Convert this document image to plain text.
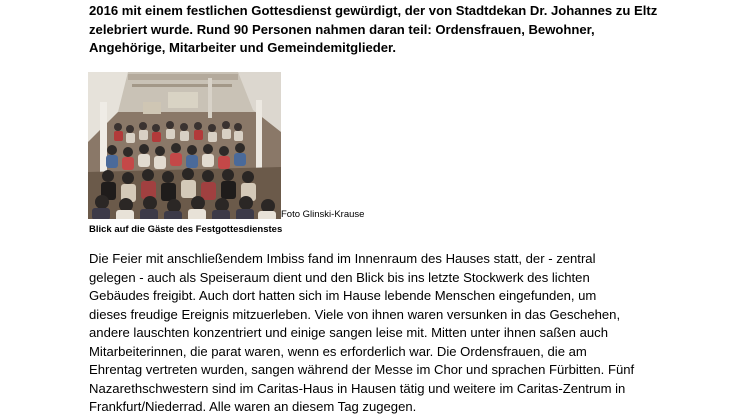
2016 mit einem festlichen Gottesdienst gewürdigt, der von Stadtdekan Dr. Johannes zu Eltz
zelebriert wurde. Rund 90 Personen nahmen daran teil: Ordensfrauen, Bewohner,
Angehörige, Mitarbeiter und Gemeindemitglieder.

Foto Glinski-Krause
Blick auf die Gäste des Festgottesdienstes

Die Feier mit anschließendem Imbiss fand im Innenraum des Hauses statt, der - zentral
gelegen - auch als Speiseraum dient und den Blick bis ins letzte Stockwerk des lichten
Gebäudes freigibt. Auch dort hatten sich im Hause lebende Menschen eingefunden, um
dieses freudige Ereignis mitzuerleben. Viele von ihnen waren versunken in das Geschehen,
andere lauschten konzentriert und einige sangen leise mit. Mitten unter ihnen saßen auch
Mitarbeiterinnen, die parat waren, wenn es erforderlich war. Die Ordensfrauen, die am
Ehrentag vertreten wurden, sangen während der Messe im Chor und sprachen Fürbitten. Fünf
Nazarethschwestern sind im Caritas-Haus in Hausen tätig und weitere im Caritas-Zentrum in
Frankfurt/Niederrad. Alle waren an diesem Tag zugegen.
